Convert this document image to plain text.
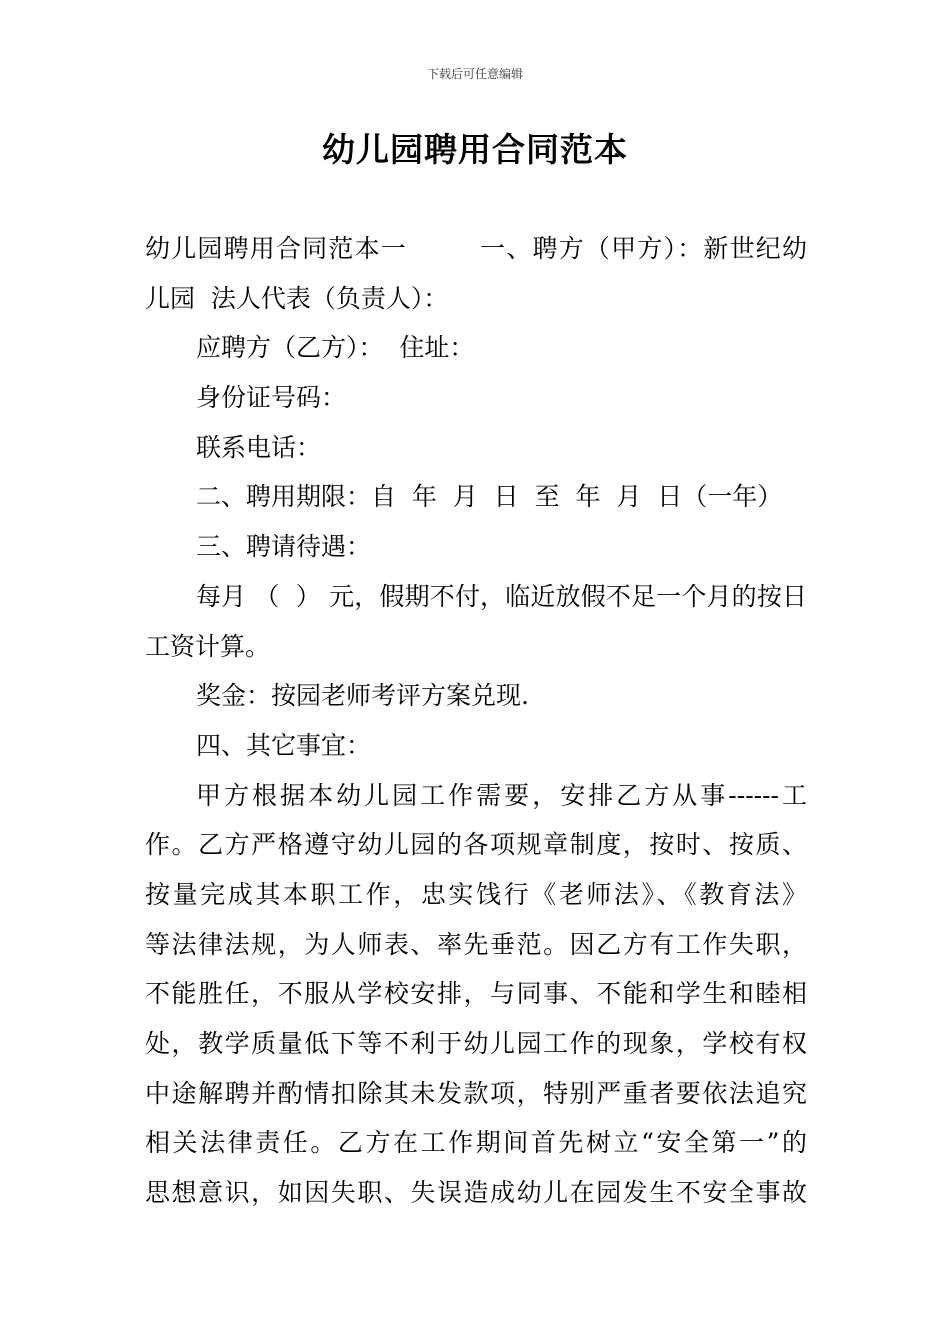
下载后可任意编辑
幼儿园聘用合同范本
幼儿园聘用合同范本一        一、聘方（甲方）：新世纪幼
儿园  法人代表（负责人）：
应聘方（乙方）：  住址：
身份证号码：
联系电话：
二、聘用期限：自  年  月  日  至  年  月  日（一年）
三、聘请待遇：
每月 （  ） 元，假期不付，临近放假不足一个月的按日
工资计算。
奖金：按园老师考评方案兑现.
四、其它事宜：
甲方根据本幼儿园工作需要，安排乙方从事------工
作。乙方严格遵守幼儿园的各项规章制度，按时、按质、
按量完成其本职工作，忠实饯行《老师法》、《教育法》
等法律法规，为人师表、率先垂范。因乙方有工作失职，
不能胜任，不服从学校安排，与同事、不能和学生和睦相
处，教学质量低下等不利于幼儿园工作的现象，学校有权
中途解聘并酌情扣除其未发款项，特别严重者要依法追究
相关法律责任。乙方在工作期间首先树立“安全第一”的
思想意识，如因失职、失误造成幼儿在园发生不安全事故
